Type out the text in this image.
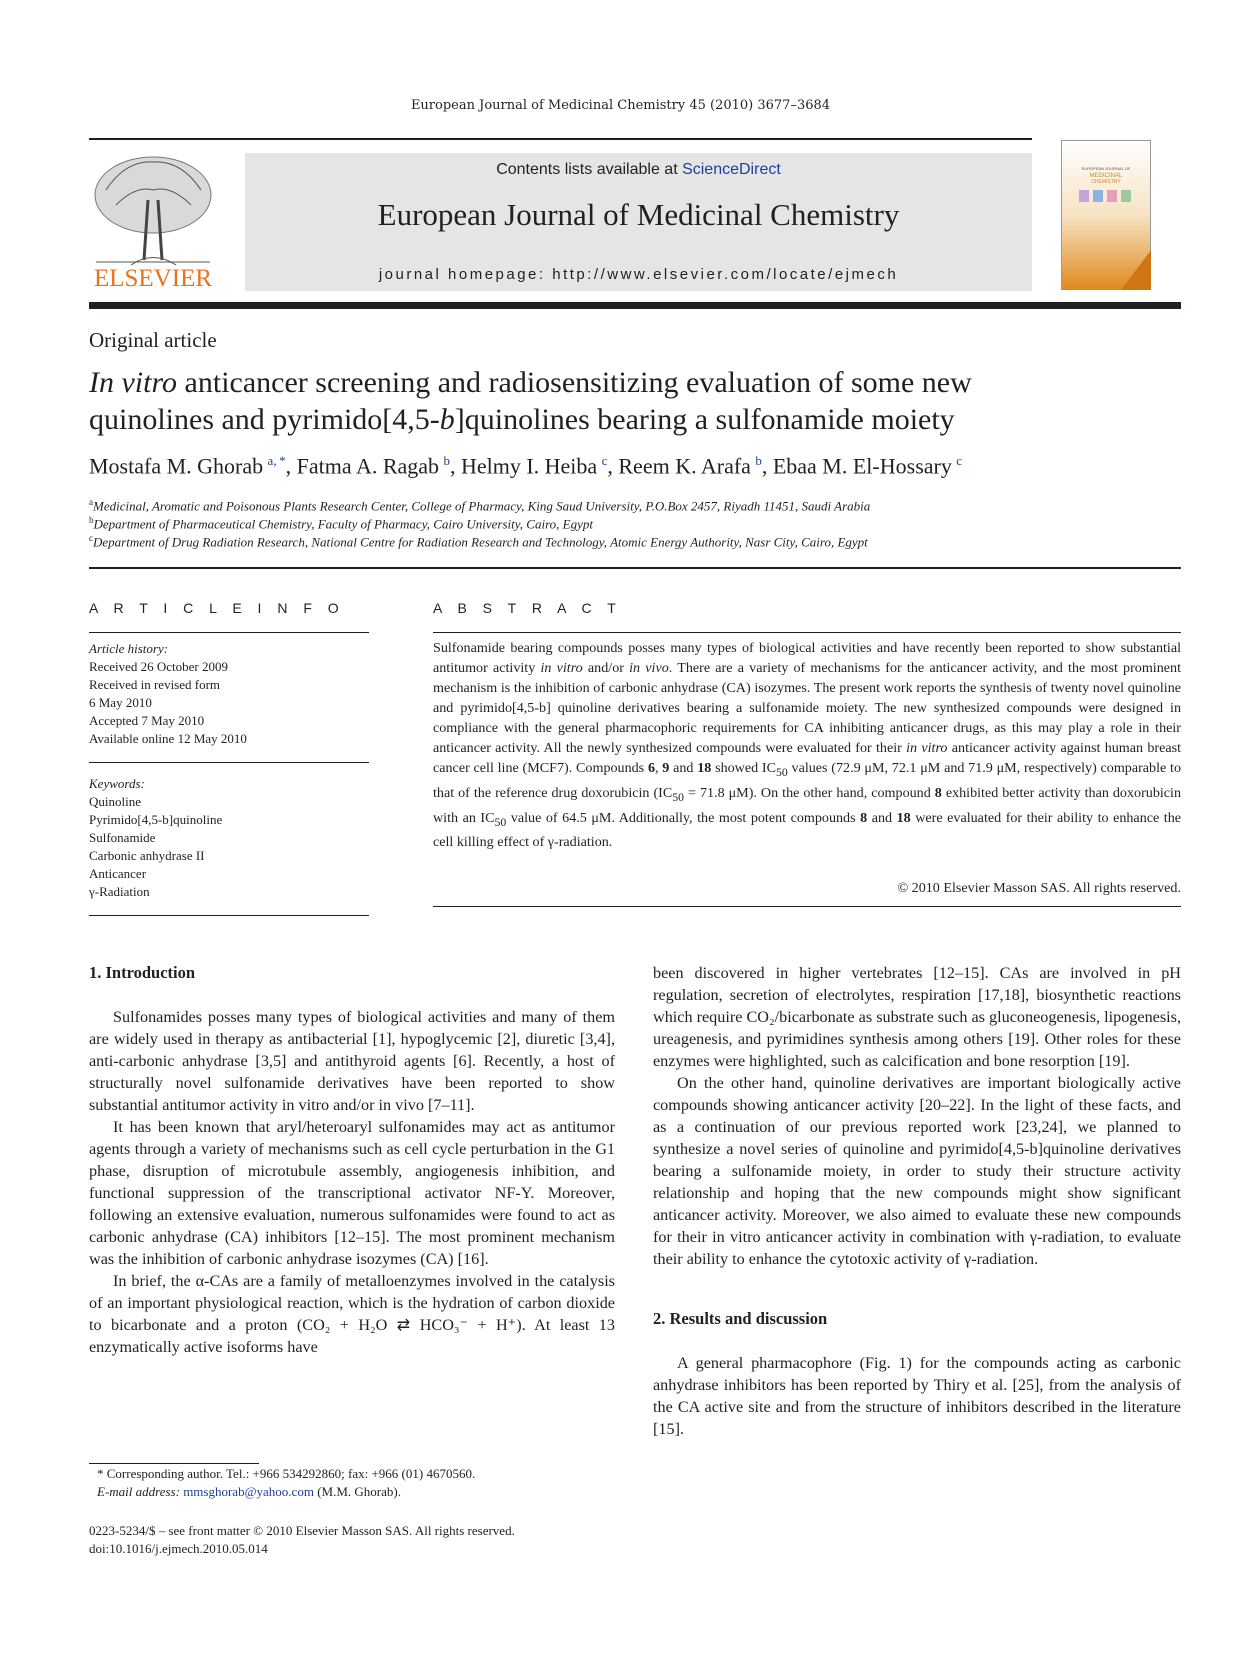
European Journal of Medicinal Chemistry 45 (2010) 3677–3684
ELSEVIER
Contents lists available at ScienceDirect
European Journal of Medicinal Chemistry
journal homepage: http://www.elsevier.com/locate/ejmech
EUROPEAN JOURNAL OF
MEDICINAL
CHEMISTRY
Original article
In vitro anticancer screening and radiosensitizing evaluation of some new
quinolines and pyrimido[4,5-b]quinolines bearing a sulfonamide moiety
Mostafa M. Ghorab  $^{a, *}$, Fatma A. Ragab  $^b$, Helmy I. Heiba  $^c$, Reem K. Arafa  $^b$, Ebaa M. El-Hossary  $^c$
$^a$Medicinal, Aromatic and Poisonous Plants Research Center, College of Pharmacy, King Saud University, P.O.Box 2457, Riyadh 11451, Saudi Arabia
$^b$Department of Pharmaceutical Chemistry, Faculty of Pharmacy, Cairo University, Cairo, Egypt
$^c$Department of Drug Radiation Research, National Centre for Radiation Research and Technology, Atomic Energy Authority, Nasr City, Cairo, Egypt
A R T I C L E I N F O	A B S T R A C T
Article history:
Received 26 October 2009
Received in revised form
6 May 2010
Accepted 7 May 2010
Available online 12 May 2010
Keywords:
Quinoline
Pyrimido[4,5-b]quinoline
Sulfonamide
Carbonic anhydrase II
Anticancer
γ-Radiation
Sulfonamide bearing compounds posses many types of biological activities and have recently been reported to show substantial antitumor activity in vitro and/or in vivo. There are a variety of mechanisms for the anticancer activity, and the most prominent mechanism is the inhibition of carbonic anhydrase (CA) isozymes. The present work reports the synthesis of twenty novel quinoline and pyrimido[4,5-b] quinoline derivatives bearing a sulfonamide moiety. The new synthesized compounds were designed in compliance with the general pharmacophoric requirements for CA inhibiting anticancer drugs, as this may play a role in their anticancer activity. All the newly synthesized compounds were evaluated for their in vitro anticancer activity against human breast cancer cell line (MCF7). Compounds 6, 9 and 18 showed $IC_{50}$ values (72.9 μM, 72.1 μM and 71.9 μM, respectively) comparable to that of the reference drug doxorubicin ($IC_{50} = 71.8$ μM). On the other hand, compound 8 exhibited better activity than doxorubicin with an $IC_{50}$ value of 64.5 μM. Additionally, the most potent compounds 8 and 18 were evaluated for their ability to enhance the cell killing effect of γ-radiation.
© 2010 Elsevier Masson SAS. All rights reserved.
1. Introduction

Sulfonamides posses many types of biological activities and many of them are widely used in therapy as antibacterial [1], hypoglycemic [2], diuretic [3,4], anti-carbonic anhydrase [3,5] and antithyroid agents [6]. Recently, a host of structurally novel sulfonamide derivatives have been reported to show substantial antitumor activity in vitro and/or in vivo [7–11].

It has been known that aryl/heteroaryl sulfonamides may act as antitumor agents through a variety of mechanisms such as cell cycle perturbation in the G1 phase, disruption of microtubule assembly, angiogenesis inhibition, and functional suppression of the transcriptional activator NF-Y. Moreover, following an extensive evaluation, numerous sulfonamides were found to act as carbonic anhydrase (CA) inhibitors [12–15]. The most prominent mechanism was the inhibition of carbonic anhydrase isozymes (CA) [16].

In brief, the α-CAs are a family of metalloenzymes involved in the catalysis of an important physiological reaction, which is the hydration of carbon dioxide to bicarbonate and a proton (CO₂ + H₂O ⇄ HCO₃⁻ + H⁺). At least 13 enzymatically active isoforms have

been discovered in higher vertebrates [12–15]. CAs are involved in pH regulation, secretion of electrolytes, respiration [17,18], biosynthetic reactions which require CO₂/bicarbonate as substrate such as gluconeogenesis, lipogenesis, ureagenesis, and pyrimidines synthesis among others [19]. Other roles for these enzymes were highlighted, such as calcification and bone resorption [19].

On the other hand, quinoline derivatives are important biologically active compounds showing anticancer activity [20–22]. In the light of these facts, and as a continuation of our previous reported work [23,24], we planned to synthesize a novel series of quinoline and pyrimido[4,5-b]quinoline derivatives bearing a sulfonamide moiety, in order to study their structure activity relationship and hoping that the new compounds might show significant anticancer activity. Moreover, we also aimed to evaluate these new compounds for their in vitro anticancer activity in combination with γ-radiation, to evaluate their ability to enhance the cytotoxic activity of γ-radiation.

2. Results and discussion

A general pharmacophore (Fig. 1) for the compounds acting as carbonic anhydrase inhibitors has been reported by Thiry et al. [25], from the analysis of the CA active site and from the structure of inhibitors described in the literature [15].

* Corresponding author. Tel.: +966 534292860; fax: +966 (01) 4670560.
E-mail address: mmsghorab@yahoo.com (M.M. Ghorab).
0223-5234/$ – see front matter © 2010 Elsevier Masson SAS. All rights reserved.
doi:10.1016/j.ejmech.2010.05.014
